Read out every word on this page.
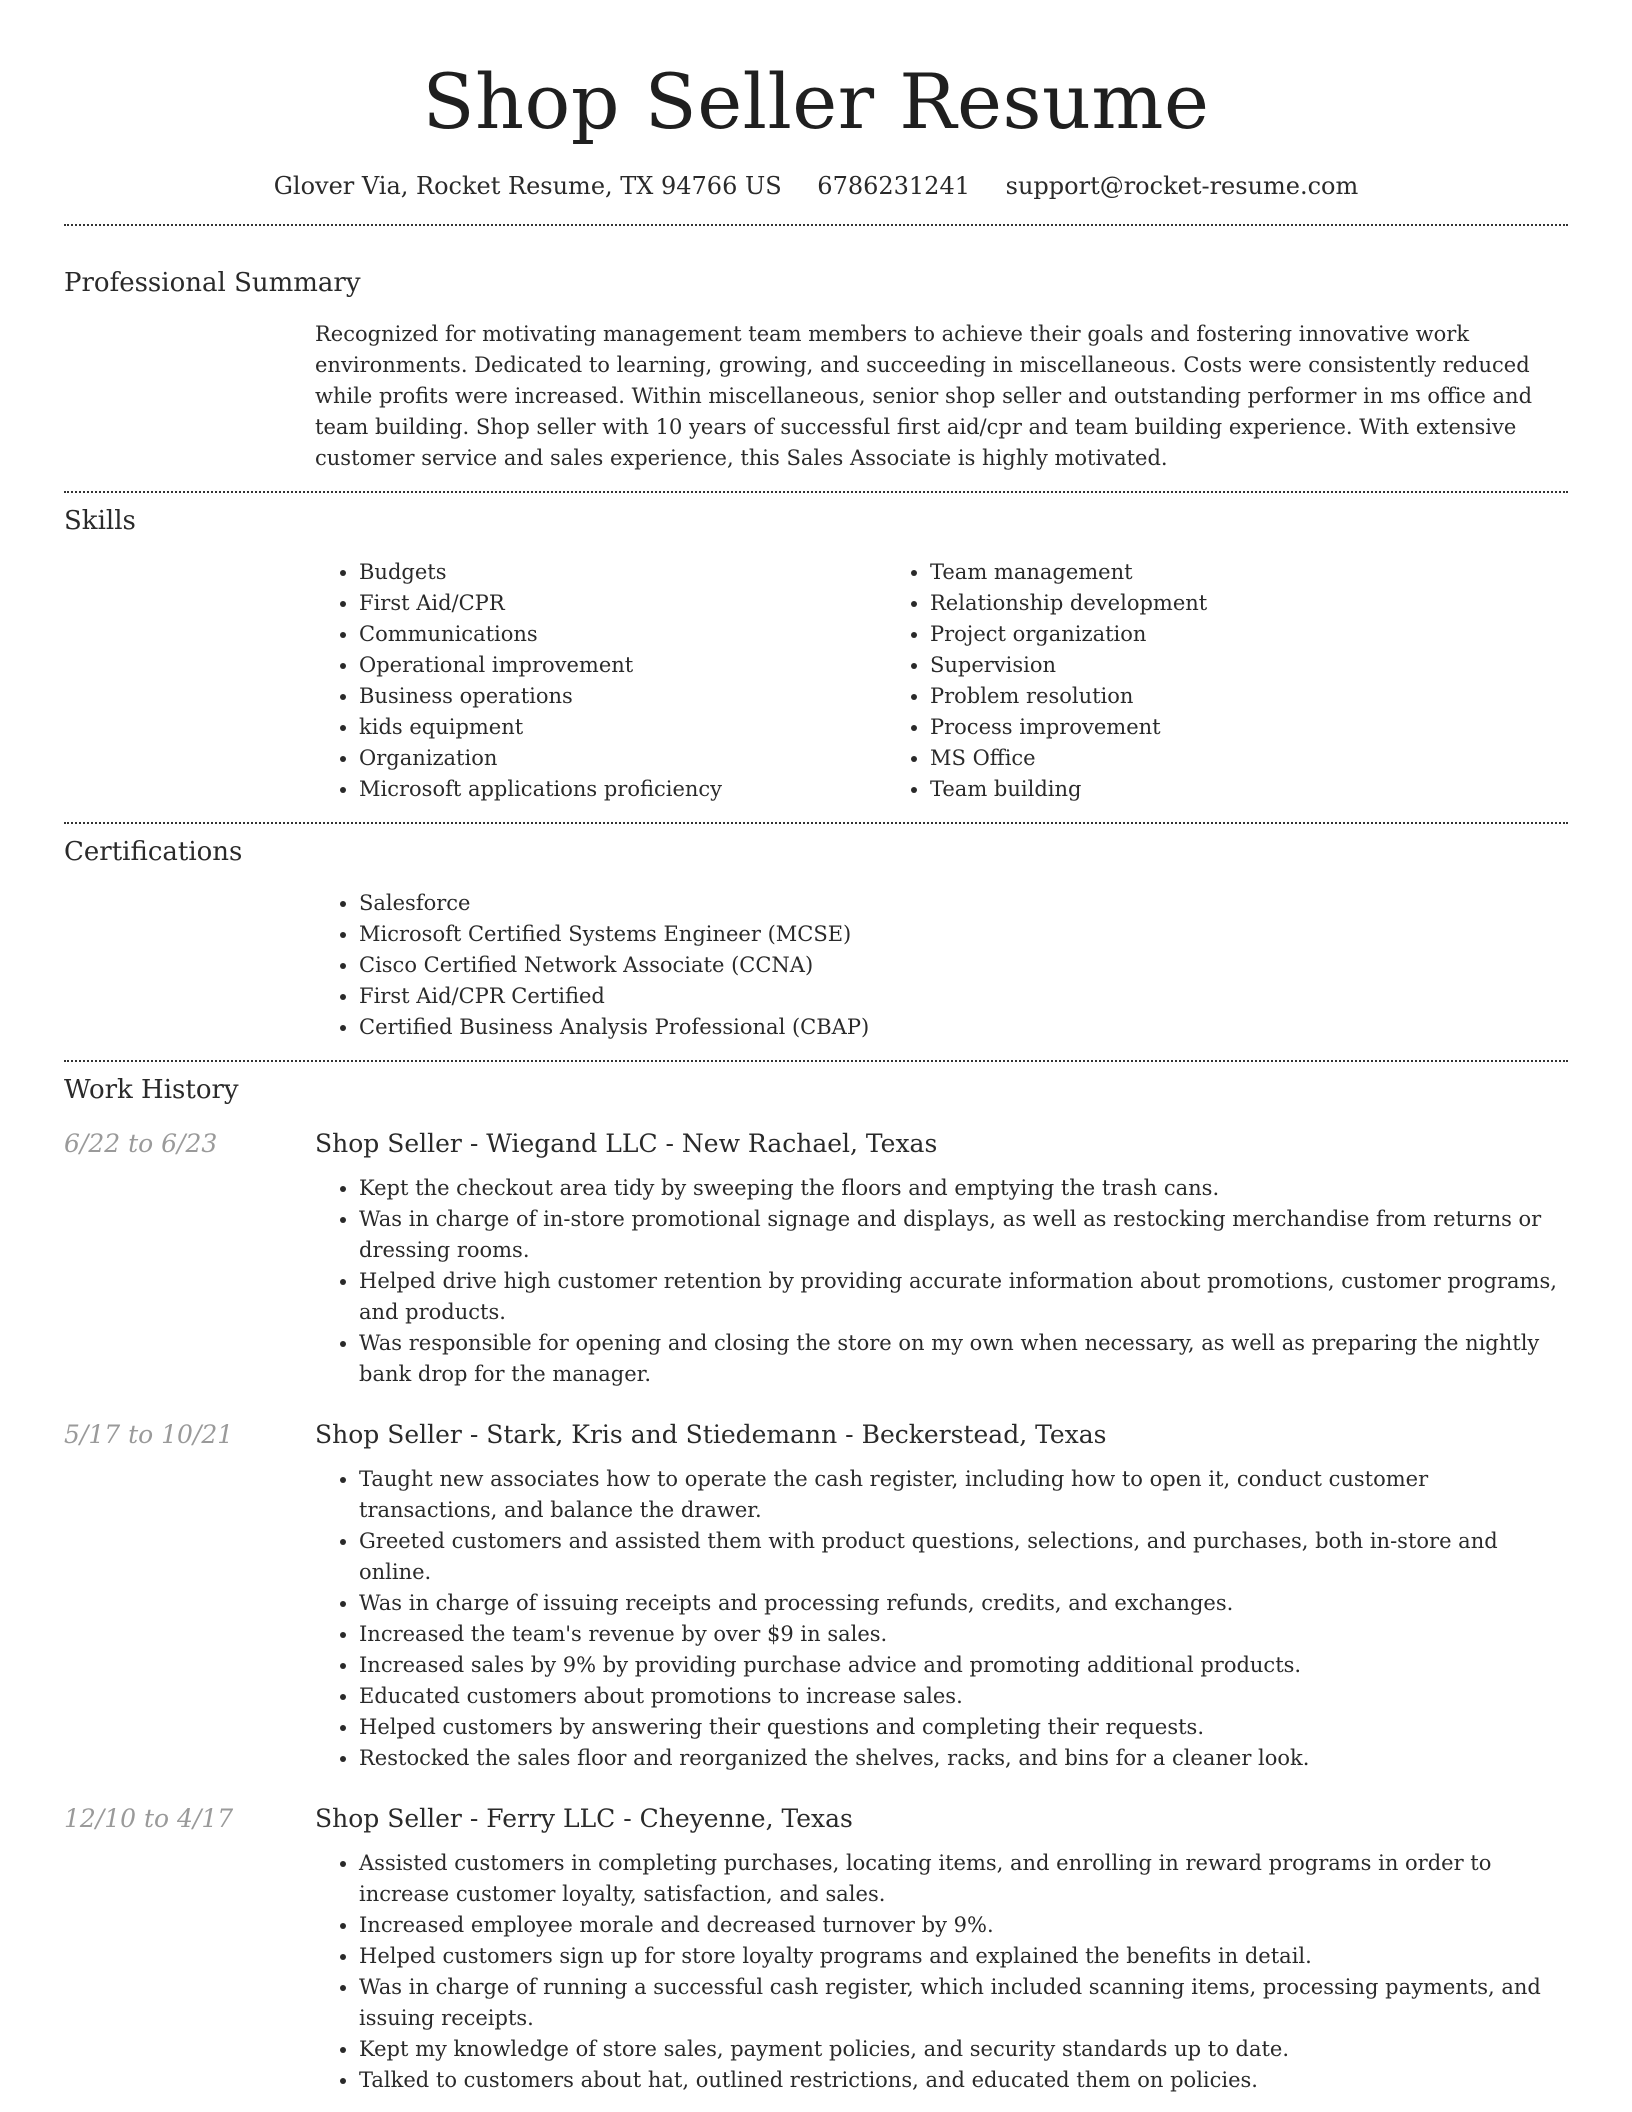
Shop Seller Resume
Glover Via, Rocket Resume, TX 94766 US 6786231241 support@rocket-resume.com
Professional Summary
Recognized for motivating management team members to achieve their goals and fostering innovative work environments. Dedicated to learning, growing, and succeeding in miscellaneous. Costs were consistently reduced while profits were increased. Within miscellaneous, senior shop seller and outstanding performer in ms office and team building. Shop seller with 10 years of successful first aid/cpr and team building experience. With extensive customer service and sales experience, this Sales Associate is highly motivated.
Skills
• Budgets
• First Aid/CPR
• Communications
• Operational improvement
• Business operations
• kids equipment
• Organization
• Microsoft applications proficiency
• Team management
• Relationship development
• Project organization
• Supervision
• Problem resolution
• Process improvement
• MS Office
• Team building
Certifications
• Salesforce
• Microsoft Certified Systems Engineer (MCSE)
• Cisco Certified Network Associate (CCNA)
• First Aid/CPR Certified
• Certified Business Analysis Professional (CBAP)
Work History
6/22 to 6/23	Shop Seller - Wiegand LLC - New Rachael, Texas
• Kept the checkout area tidy by sweeping the floors and emptying the trash cans.
• Was in charge of in-store promotional signage and displays, as well as restocking merchandise from returns or dressing rooms.
• Helped drive high customer retention by providing accurate information about promotions, customer programs, and products.
• Was responsible for opening and closing the store on my own when necessary, as well as preparing the nightly bank drop for the manager.
5/17 to 10/21	Shop Seller - Stark, Kris and Stiedemann - Beckerstead, Texas
• Taught new associates how to operate the cash register, including how to open it, conduct customer transactions, and balance the drawer.
• Greeted customers and assisted them with product questions, selections, and purchases, both in-store and online.
• Was in charge of issuing receipts and processing refunds, credits, and exchanges.
• Increased the team's revenue by over $9 in sales.
• Increased sales by 9% by providing purchase advice and promoting additional products.
• Educated customers about promotions to increase sales.
• Helped customers by answering their questions and completing their requests.
• Restocked the sales floor and reorganized the shelves, racks, and bins for a cleaner look.
12/10 to 4/17	Shop Seller - Ferry LLC - Cheyenne, Texas
• Assisted customers in completing purchases, locating items, and enrolling in reward programs in order to increase customer loyalty, satisfaction, and sales.
• Increased employee morale and decreased turnover by 9%.
• Helped customers sign up for store loyalty programs and explained the benefits in detail.
• Was in charge of running a successful cash register, which included scanning items, processing payments, and issuing receipts.
• Kept my knowledge of store sales, payment policies, and security standards up to date.
• Talked to customers about hat, outlined restrictions, and educated them on policies.
